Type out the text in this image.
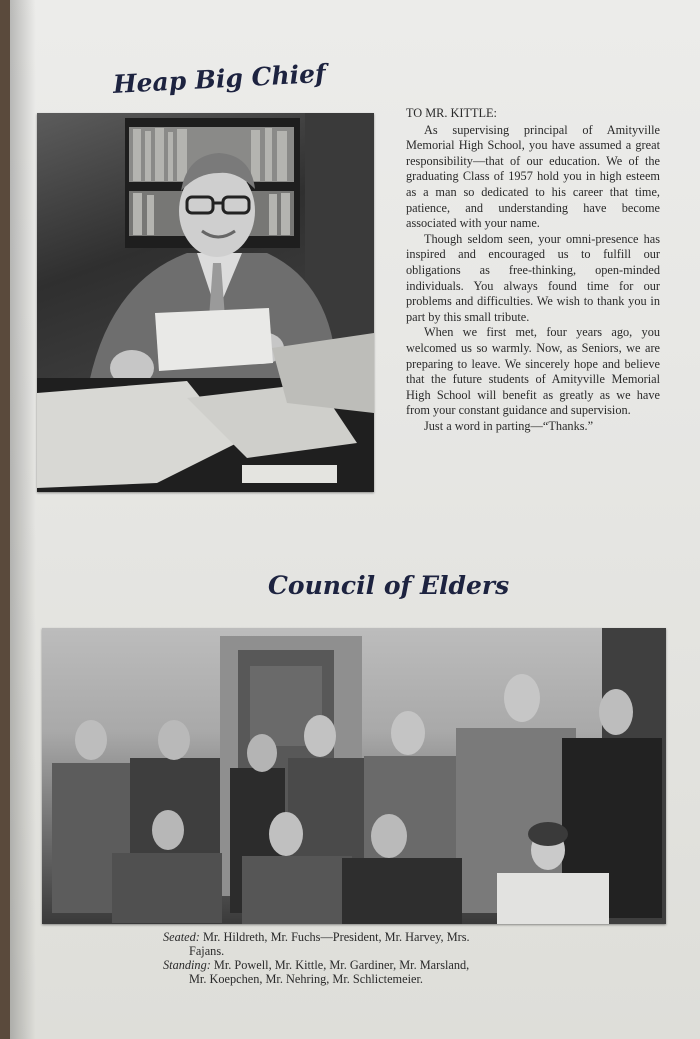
Heap Big Chief

TO MR. KITTLE:

As supervising principal of Amityville Memorial High School, you have assumed a great responsibility—that of our education. We of the graduating Class of 1957 hold you in high esteem as a man so dedicated to his career that time, patience, and understanding have become associated with your name.

Though seldom seen, your omni-presence has inspired and encouraged us to fulfill our obligations as free-thinking, open-minded individuals. You always found time for our problems and difficulties. We wish to thank you in part by this small tribute.

When we first met, four years ago, you welcomed us so warmly. Now, as Seniors, we are preparing to leave. We sincerely hope and believe that the future students of Amityville Memorial High School will benefit as greatly as we have from your constant guidance and supervision.

Just a word in parting—“Thanks.”

Council of Elders
Seated: Mr. Hildreth, Mr. Fuchs—President, Mr. Harvey, Mrs.
Fajans.
Standing: Mr. Powell, Mr. Kittle, Mr. Gardiner, Mr. Marsland,
Mr. Koepchen, Mr. Nehring, Mr. Schlictemeier.
